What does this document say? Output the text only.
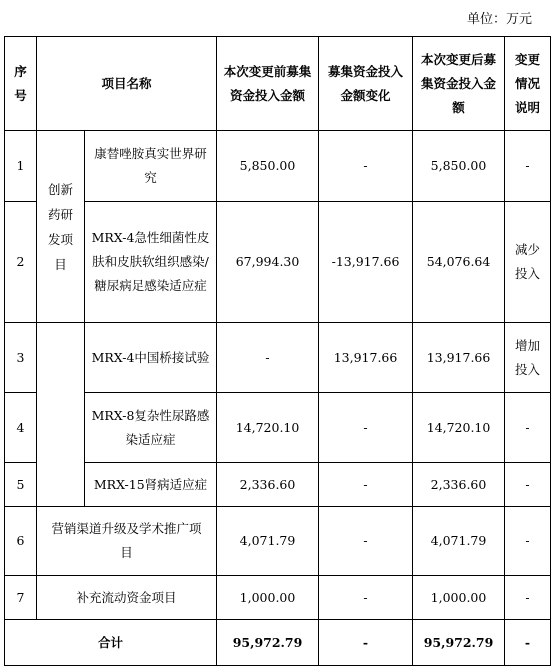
单位：万元
序号	项目名称		本次变更前募集资金投入金额	募集资金投入金额变化	本次变更后募集资金投入金额	变更情况说明
1	创新药研发项目	康替唑胺真实世界研究	5,850.00	-	5,850.00	-
2		MRX-4急性细菌性皮肤和皮肤软组织感染/糖尿病足感染适应症	67,994.30	-13,917.66	54,076.64	减少投入
3		MRX-4中国桥接试验	-	13,917.66	13,917.66	增加投入
4		MRX-8复杂性尿路感染适应症	14,720.10	-	14,720.10	-
5		MRX-15肾病适应症	2,336.60	-	2,336.60	-
6	营销渠道升级及学术推广项目		4,071.79	-	4,071.79	-
7	补充流动资金项目		1,000.00	-	1,000.00	-
合计			95,972.79	-	95,972.79	-
